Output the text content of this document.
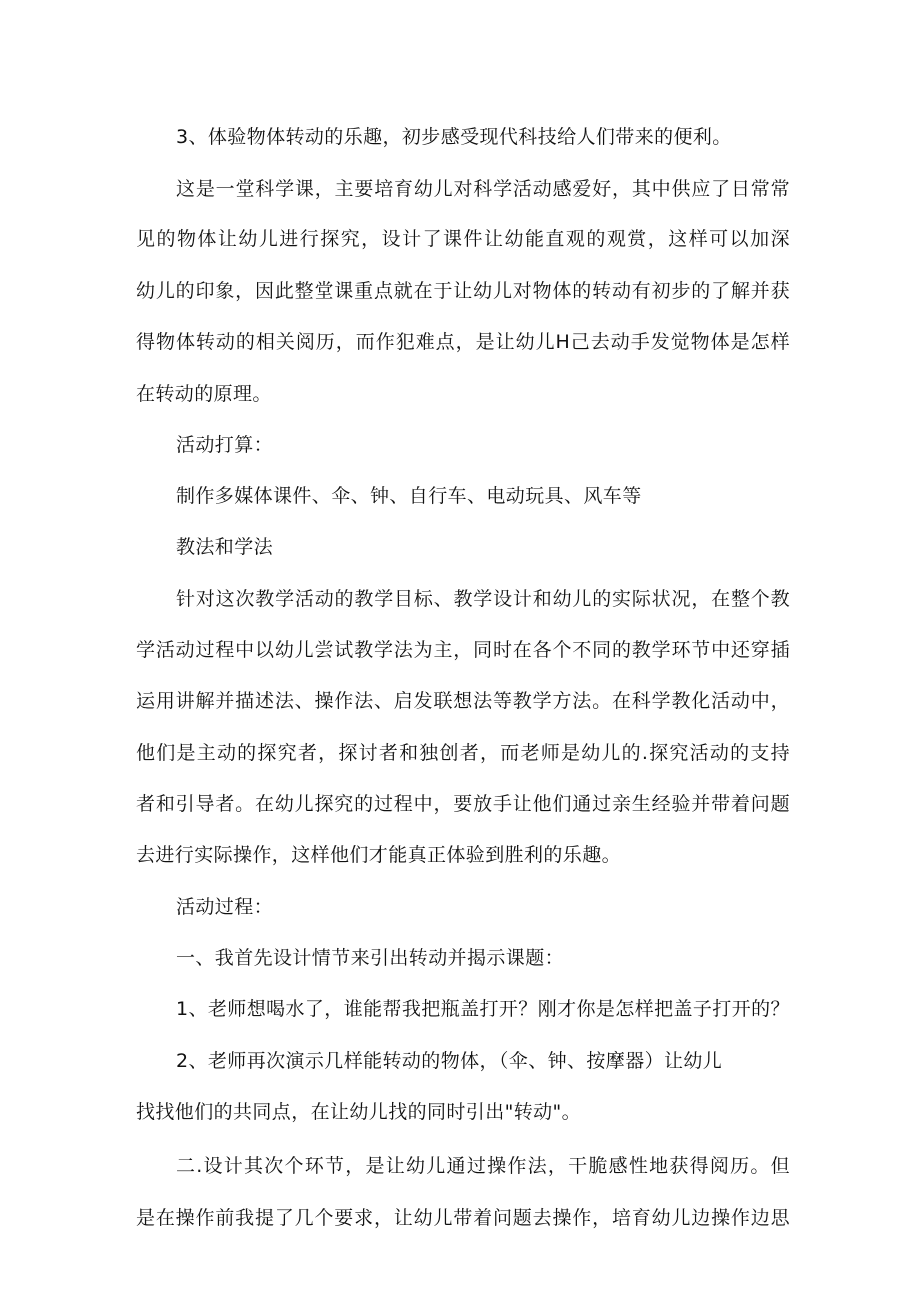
3、体验物体转动的乐趣，初步感受现代科技给人们带来的便利。
这是一堂科学课，主要培育幼儿对科学活动感爱好，其中供应了日常常
见的物体让幼儿进行探究，设计了课件让幼能直观的观赏，这样可以加深
幼儿的印象，因此整堂课重点就在于让幼儿对物体的转动有初步的了解并获
得物体转动的相关阅历，而作犯难点，是让幼儿H己去动手发觉物体是怎样
在转动的原理。
活动打算：
制作多媒体课件、伞、钟、自行车、电动玩具、风车等
教法和学法
针对这次教学活动的教学目标、教学设计和幼儿的实际状况，在整个教
学活动过程中以幼儿尝试教学法为主，同时在各个不同的教学环节中还穿插
运用讲解并描述法、操作法、启发联想法等教学方法。在科学教化活动中，
他们是主动的探究者，探讨者和独创者，而老师是幼儿的.探究活动的支持
者和引导者。在幼儿探究的过程中，要放手让他们通过亲生经验并带着问题
去进行实际操作，这样他们才能真正体验到胜利的乐趣。
活动过程：
一、我首先设计情节来引出转动并揭示课题：
1、老师想喝水了，谁能帮我把瓶盖打开？刚才你是怎样把盖子打开的？
2、老师再次演示几样能转动的物体，（伞、钟、按摩器）让幼儿
找找他们的共同点，在让幼儿找的同时引出"转动"。
二.设计其次个环节，是让幼儿通过操作法，干脆感性地获得阅历。但
是在操作前我提了几个要求，让幼儿带着问题去操作，培育幼儿边操作边思
